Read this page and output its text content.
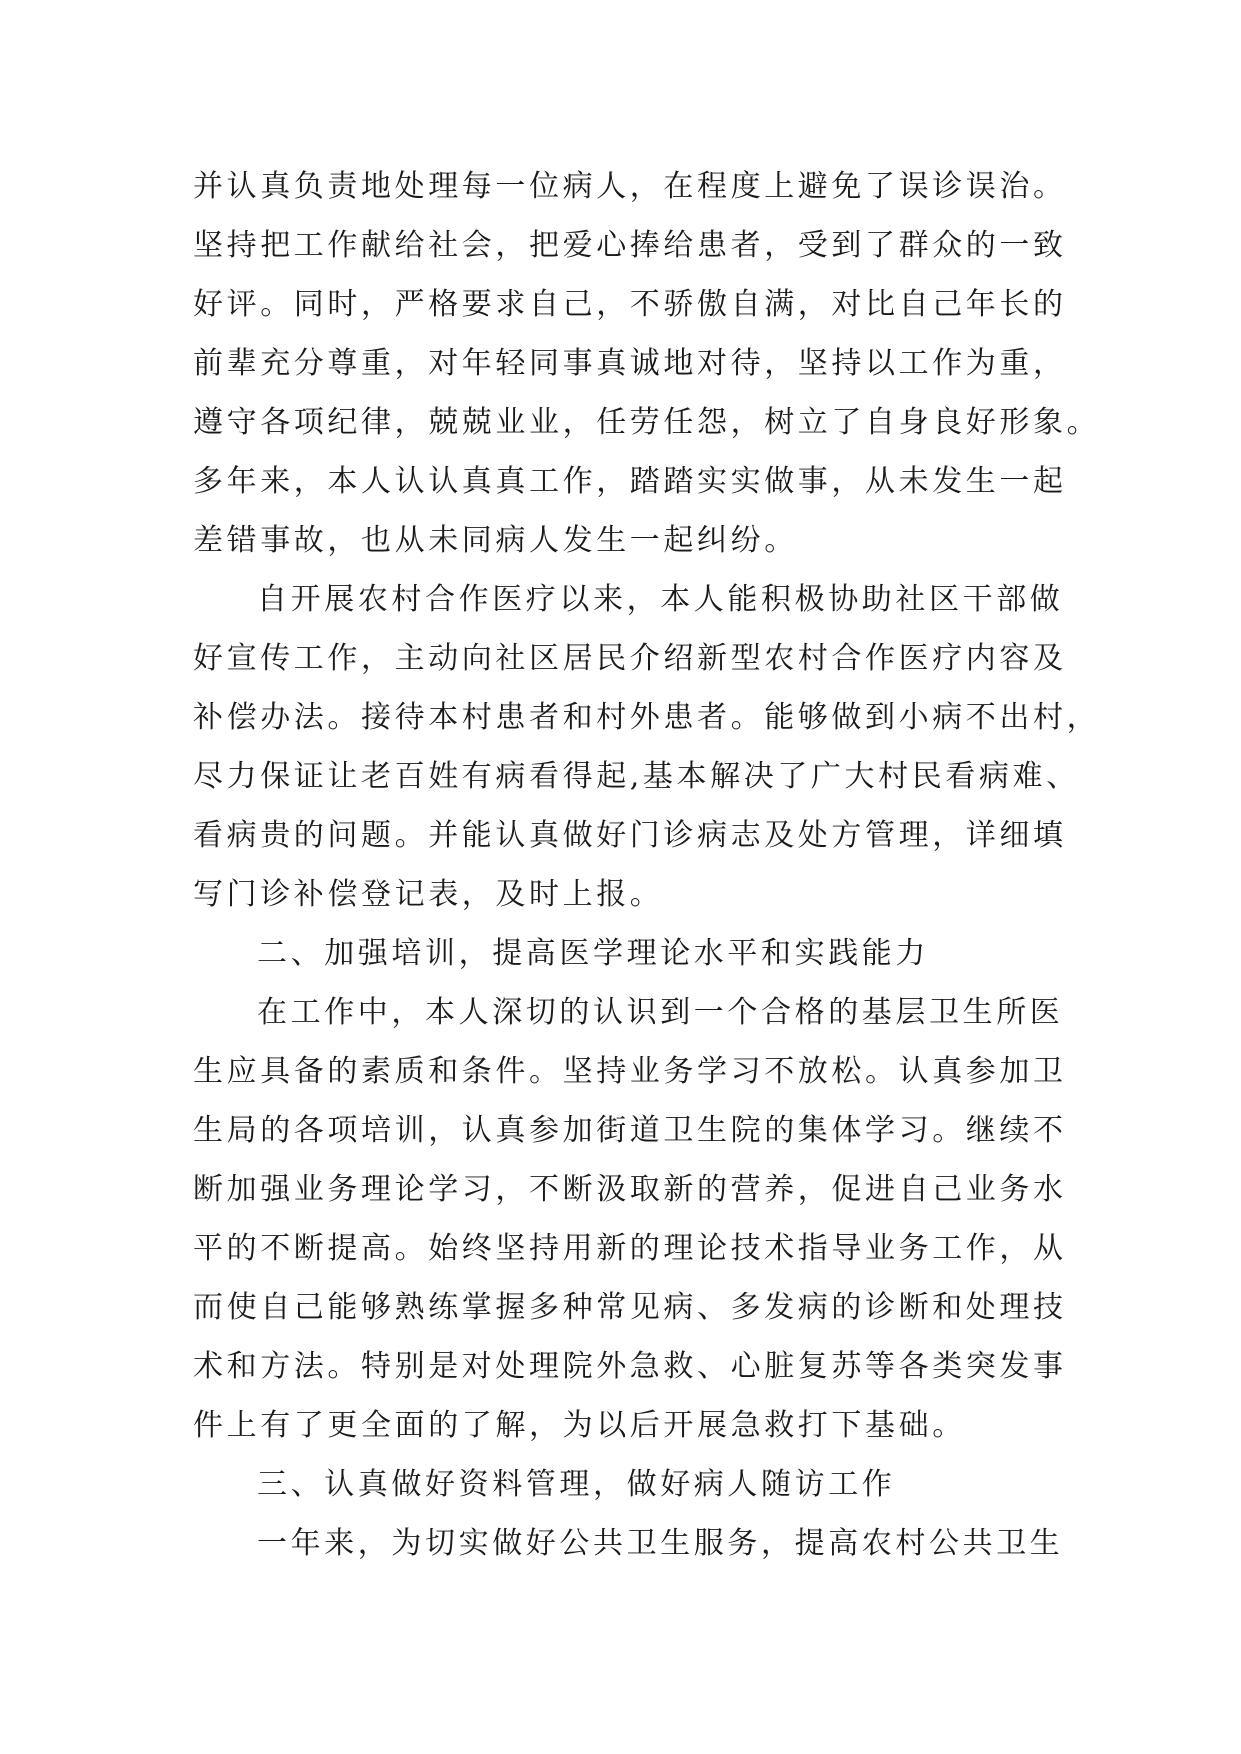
并认真负责地处理每一位病人，在程度上避免了误诊误治。
坚持把工作献给社会，把爱心捧给患者，受到了群众的一致
好评。同时，严格要求自己，不骄傲自满，对比自己年长的
前辈充分尊重，对年轻同事真诚地对待，坚持以工作为重，
遵守各项纪律，兢兢业业，任劳任怨，树立了自身良好形象。
多年来，本人认认真真工作，踏踏实实做事，从未发生一起
差错事故，也从未同病人发生一起纠纷。
自开展农村合作医疗以来，本人能积极协助社区干部做
好宣传工作，主动向社区居民介绍新型农村合作医疗内容及
补偿办法。接待本村患者和村外患者。能够做到小病不出村，
尽力保证让老百姓有病看得起,基本解决了广大村民看病难、
看病贵的问题。并能认真做好门诊病志及处方管理，详细填
写门诊补偿登记表，及时上报。
二、加强培训，提高医学理论水平和实践能力
在工作中，本人深切的认识到一个合格的基层卫生所医
生应具备的素质和条件。坚持业务学习不放松。认真参加卫
生局的各项培训，认真参加街道卫生院的集体学习。继续不
断加强业务理论学习，不断汲取新的营养，促进自己业务水
平的不断提高。始终坚持用新的理论技术指导业务工作，从
而使自己能够熟练掌握多种常见病、多发病的诊断和处理技
术和方法。特别是对处理院外急救、心脏复苏等各类突发事
件上有了更全面的了解，为以后开展急救打下基础。
三、认真做好资料管理，做好病人随访工作
一年来，为切实做好公共卫生服务，提高农村公共卫生
